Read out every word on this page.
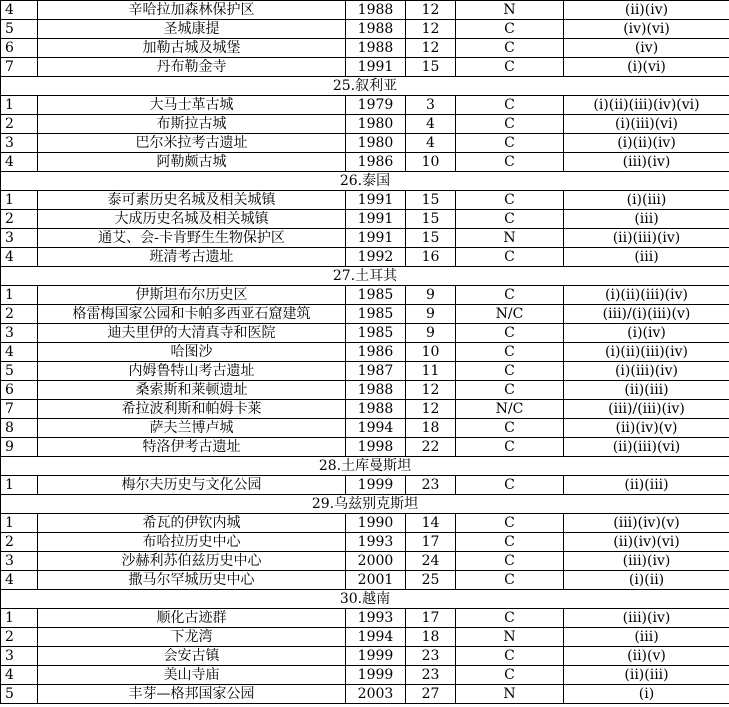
4	辛哈拉加森林保护区	1988	12	N	(ii)(iv)
5	圣城康提	1988	12	C	(iv)(vi)
6	加勒古城及城堡	1988	12	C	(iv)
7	丹布勒金寺	1991	15	C	(i)(vi)
25.叙利亚					
1	大马士革古城	1979	3	C	(i)(ii)(iii)(iv)(vi)
2	布斯拉古城	1980	4	C	(i)(iii)(vi)
3	巴尔米拉考古遗址	1980	4	C	(i)(ii)(iv)
4	阿勒颇古城	1986	10	C	(iii)(iv)
26.泰国					
1	泰可素历史名城及相关城镇	1991	15	C	(i)(iii)
2	大成历史名城及相关城镇	1991	15	C	(iii)
3	通艾、会-卡肯野生生物保护区	1991	15	N	(ii)(iii)(iv)
4	班清考古遗址	1992	16	C	(iii)
27.土耳其					
1	伊斯坦布尔历史区	1985	9	C	(i)(ii)(iii)(iv)
2	格雷梅国家公园和卡帕多西亚石窟建筑	1985	9	N/C	(iii)/(i)(iii)(v)
3	迪夫里伊的大清真寺和医院	1985	9	C	(i)(iv)
4	哈图沙	1986	10	C	(i)(ii)(iii)(iv)
5	内姆鲁特山考古遗址	1987	11	C	(i)(iii)(iv)
6	桑索斯和莱顿遗址	1988	12	C	(ii)(iii)
7	希拉波利斯和帕姆卡莱	1988	12	N/C	(iii)/(iii)(iv)
8	萨夫兰博卢城	1994	18	C	(ii)(iv)(v)
9	特洛伊考古遗址	1998	22	C	(ii)(iii)(vi)
28.土库曼斯坦					
1	梅尔夫历史与文化公园	1999	23	C	(ii)(iii)
29.乌兹别克斯坦					
1	希瓦的伊钦内城	1990	14	C	(iii)(iv)(v)
2	布哈拉历史中心	1993	17	C	(ii)(iv)(vi)
3	沙赫利苏伯兹历史中心	2000	24	C	(iii)(iv)
4	撒马尔罕城历史中心	2001	25	C	(i)(ii)
30.越南					
1	顺化古迹群	1993	17	C	(iii)(iv)
2	下龙湾	1994	18	N	(iii)
3	会安古镇	1999	23	C	(ii)(v)
4	美山寺庙	1999	23	C	(ii)(iii)
5	丰芽—格邦国家公园	2003	27	N	(i)
